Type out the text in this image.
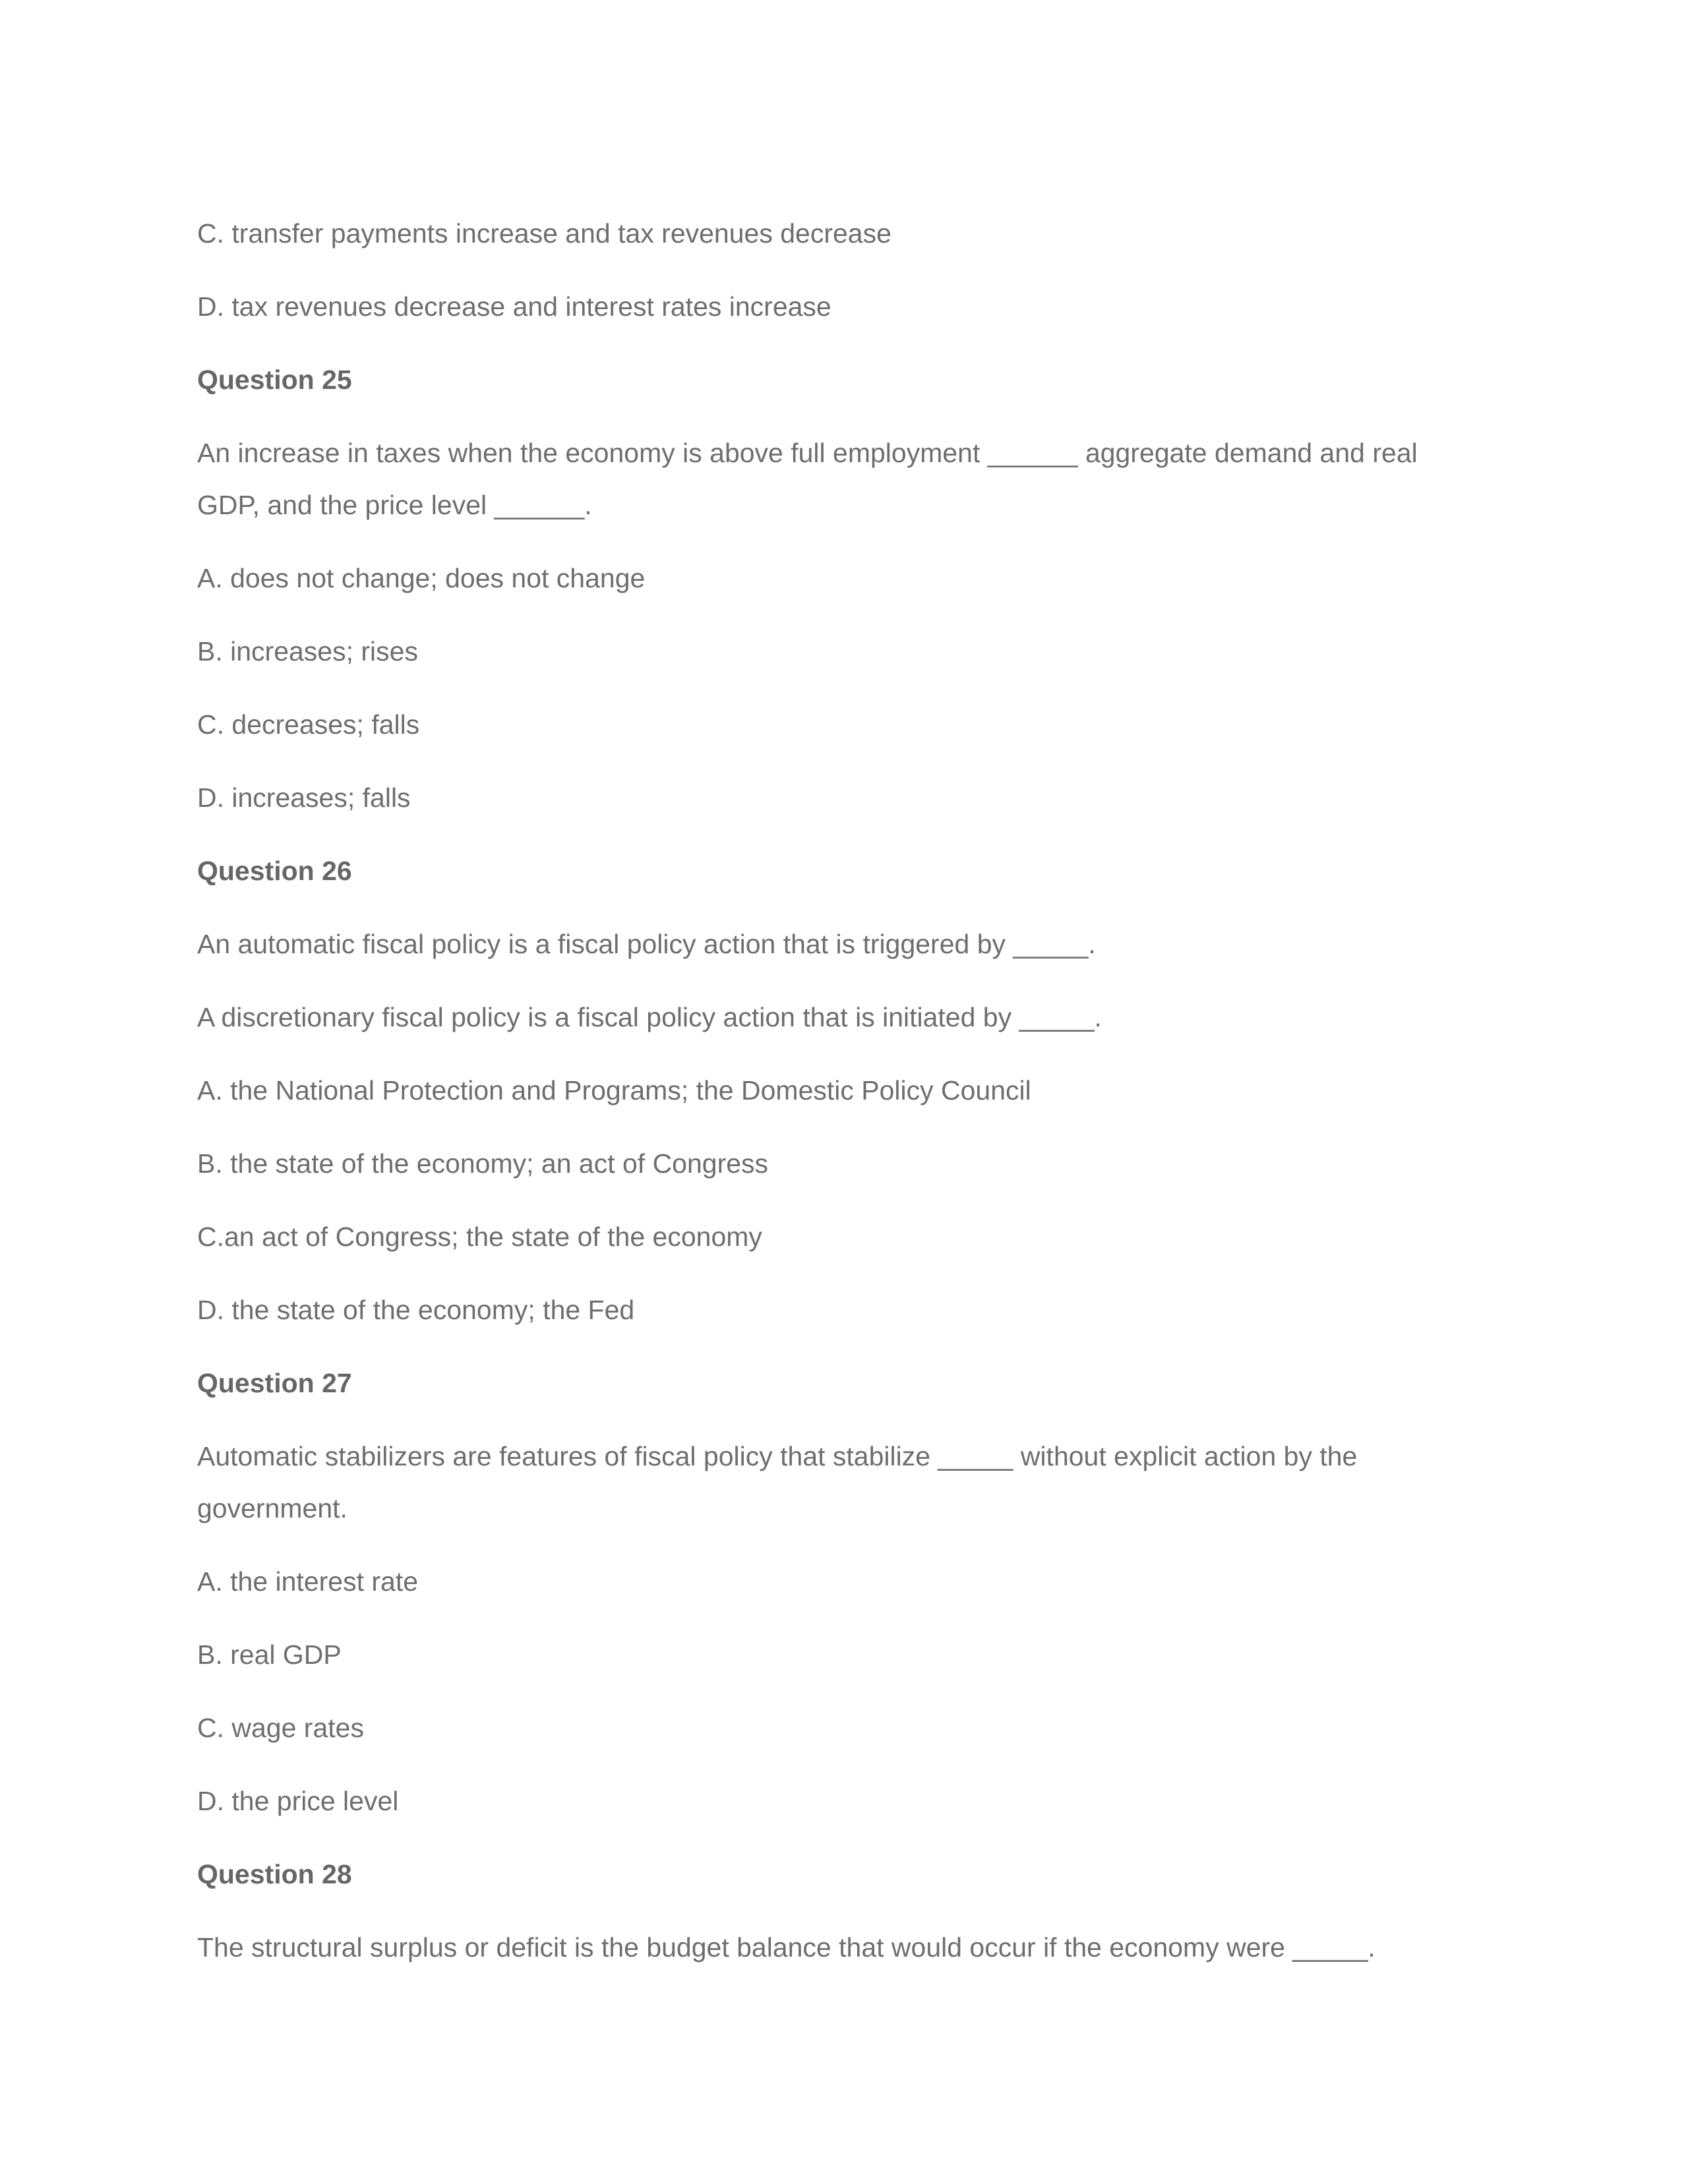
C. transfer payments increase and tax revenues decrease
D. tax revenues decrease and interest rates increase
Question 25
An increase in taxes when the economy is above full employment ______ aggregate demand and real
GDP, and the price level ______.
A. does not change; does not change
B. increases; rises
C. decreases; falls
D. increases; falls
Question 26
An automatic fiscal policy is a fiscal policy action that is triggered by _____.
A discretionary fiscal policy is a fiscal policy action that is initiated by _____.
A. the National Protection and Programs; the Domestic Policy Council
B. the state of the economy; an act of Congress
C.an act of Congress; the state of the economy
D. the state of the economy; the Fed
Question 27
Automatic stabilizers are features of fiscal policy that stabilize _____ without explicit action by the
government.
A. the interest rate
B. real GDP
C. wage rates
D. the price level
Question 28
The structural surplus or deficit is the budget balance that would occur if the economy were _____.
